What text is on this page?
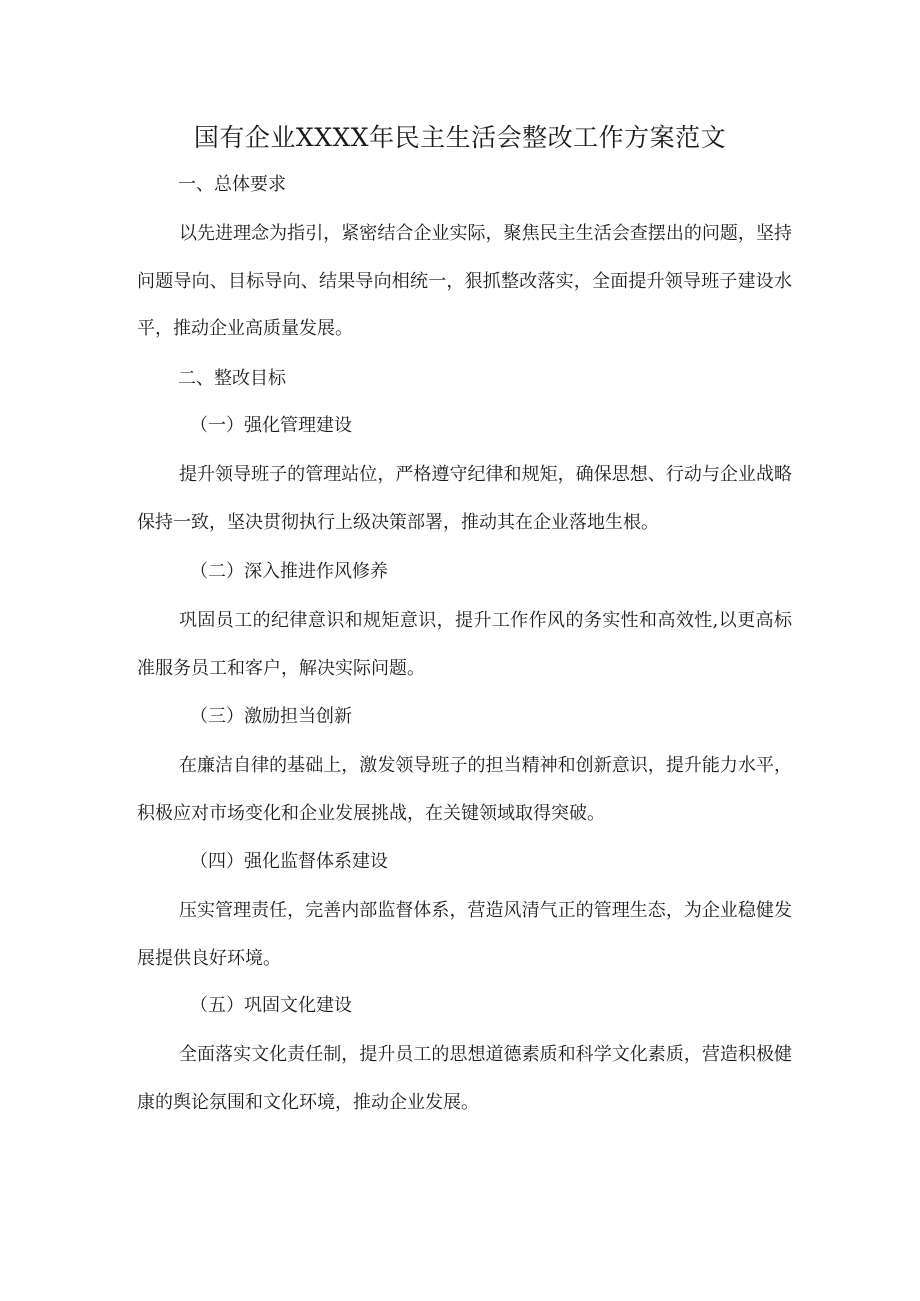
国有企业XXXX年民主生活会整改工作方案范文
一、总体要求
以先进理念为指引，紧密结合企业实际，聚焦民主生活会查摆出的问题，坚持问题导向、目标导向、结果导向相统一，狠抓整改落实，全面提升领导班子建设水平，推动企业高质量发展。
二、整改目标
（一）强化管理建设
提升领导班子的管理站位，严格遵守纪律和规矩，确保思想、行动与企业战略保持一致，坚决贯彻执行上级决策部署，推动其在企业落地生根。
（二）深入推进作风修养
巩固员工的纪律意识和规矩意识，提升工作作风的务实性和高效性,以更高标准服务员工和客户，解决实际问题。
（三）激励担当创新
在廉洁自律的基础上，激发领导班子的担当精神和创新意识，提升能力水平，积极应对市场变化和企业发展挑战，在关键领域取得突破。
（四）强化监督体系建设
压实管理责任，完善内部监督体系，营造风清气正的管理生态，为企业稳健发展提供良好环境。
（五）巩固文化建设
全面落实文化责任制，提升员工的思想道德素质和科学文化素质，营造积极健康的舆论氛围和文化环境，推动企业发展。
